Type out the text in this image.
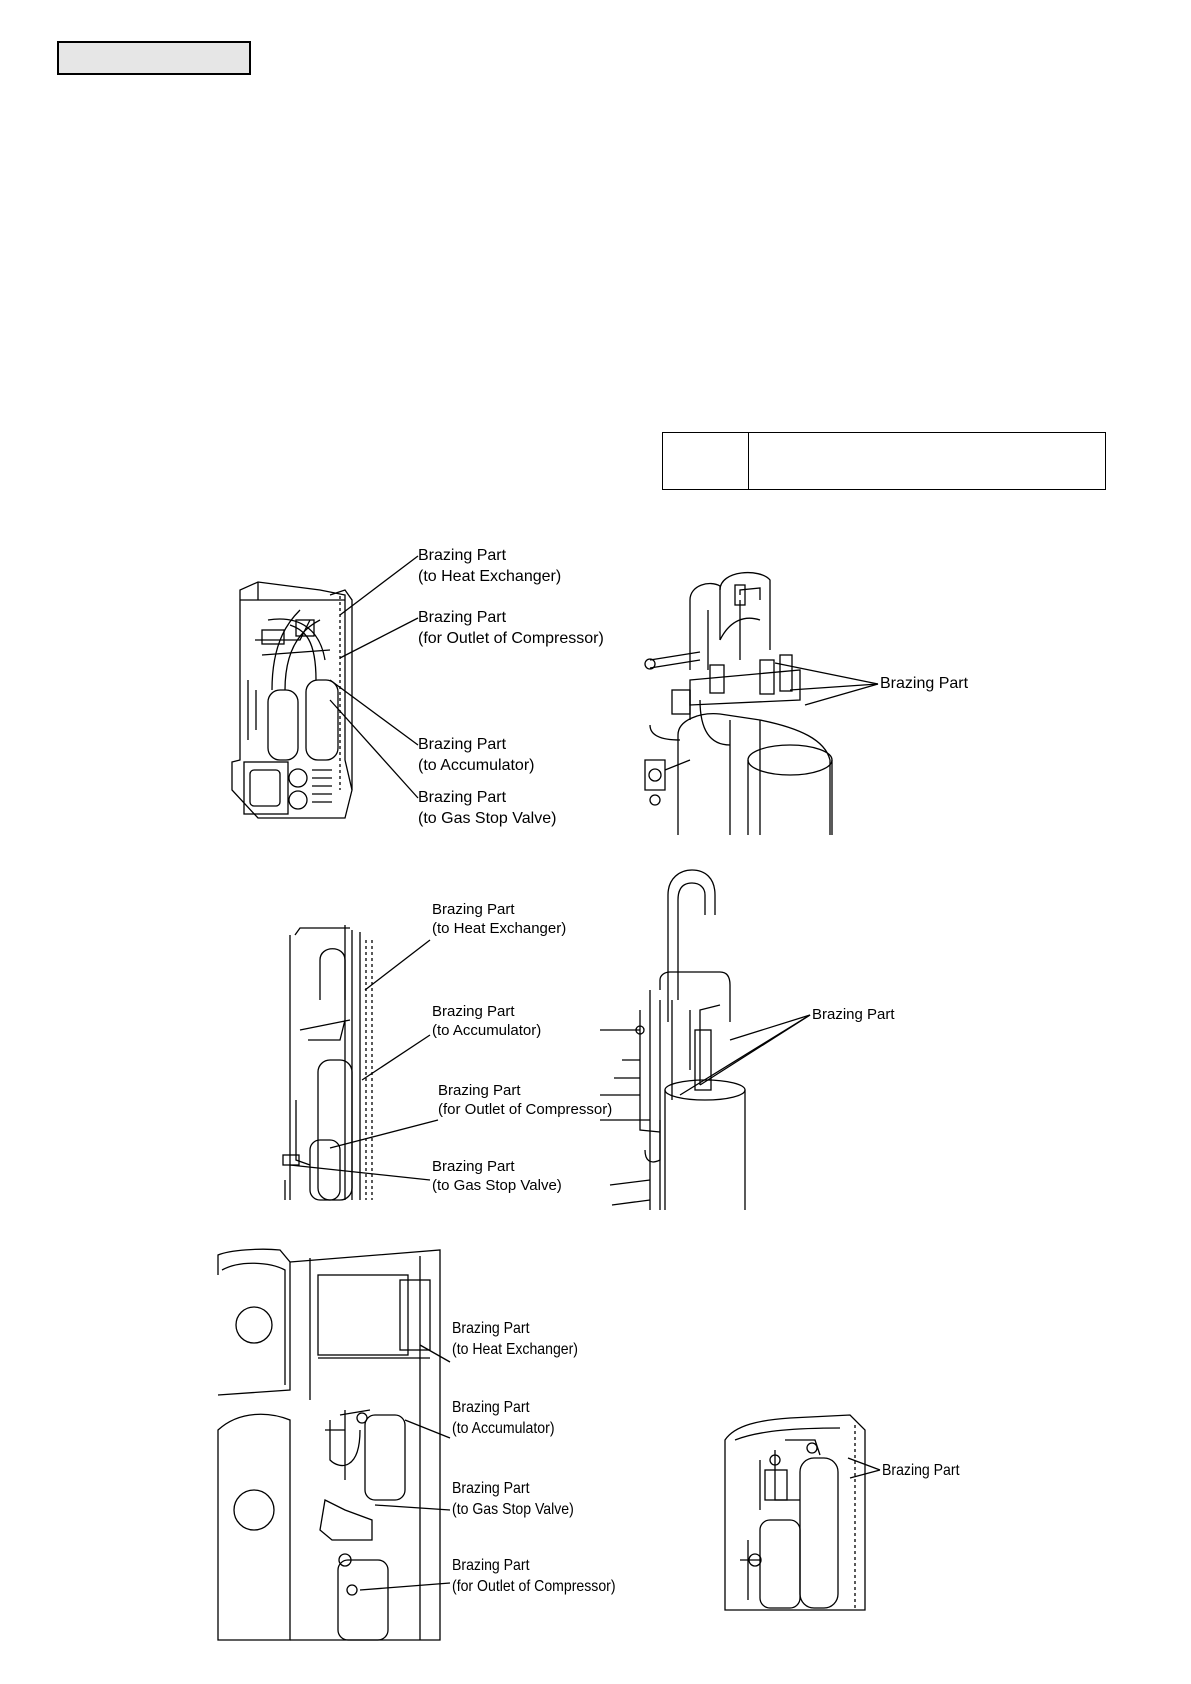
Brazing Part
(to Heat Exchanger)
Brazing Part
(for Outlet of Compressor)
Brazing Part
(to Accumulator)
Brazing Part
(to Gas Stop Valve)
Brazing Part
Brazing Part
(to Heat Exchanger)
Brazing Part
(to Accumulator)
Brazing Part
(for Outlet of Compressor)
Brazing Part
(to Gas Stop Valve)
Brazing Part
Brazing Part
(to Heat Exchanger)
Brazing Part
(to Accumulator)
Brazing Part
(to Gas Stop Valve)
Brazing Part
(for Outlet of Compressor)
Brazing Part
